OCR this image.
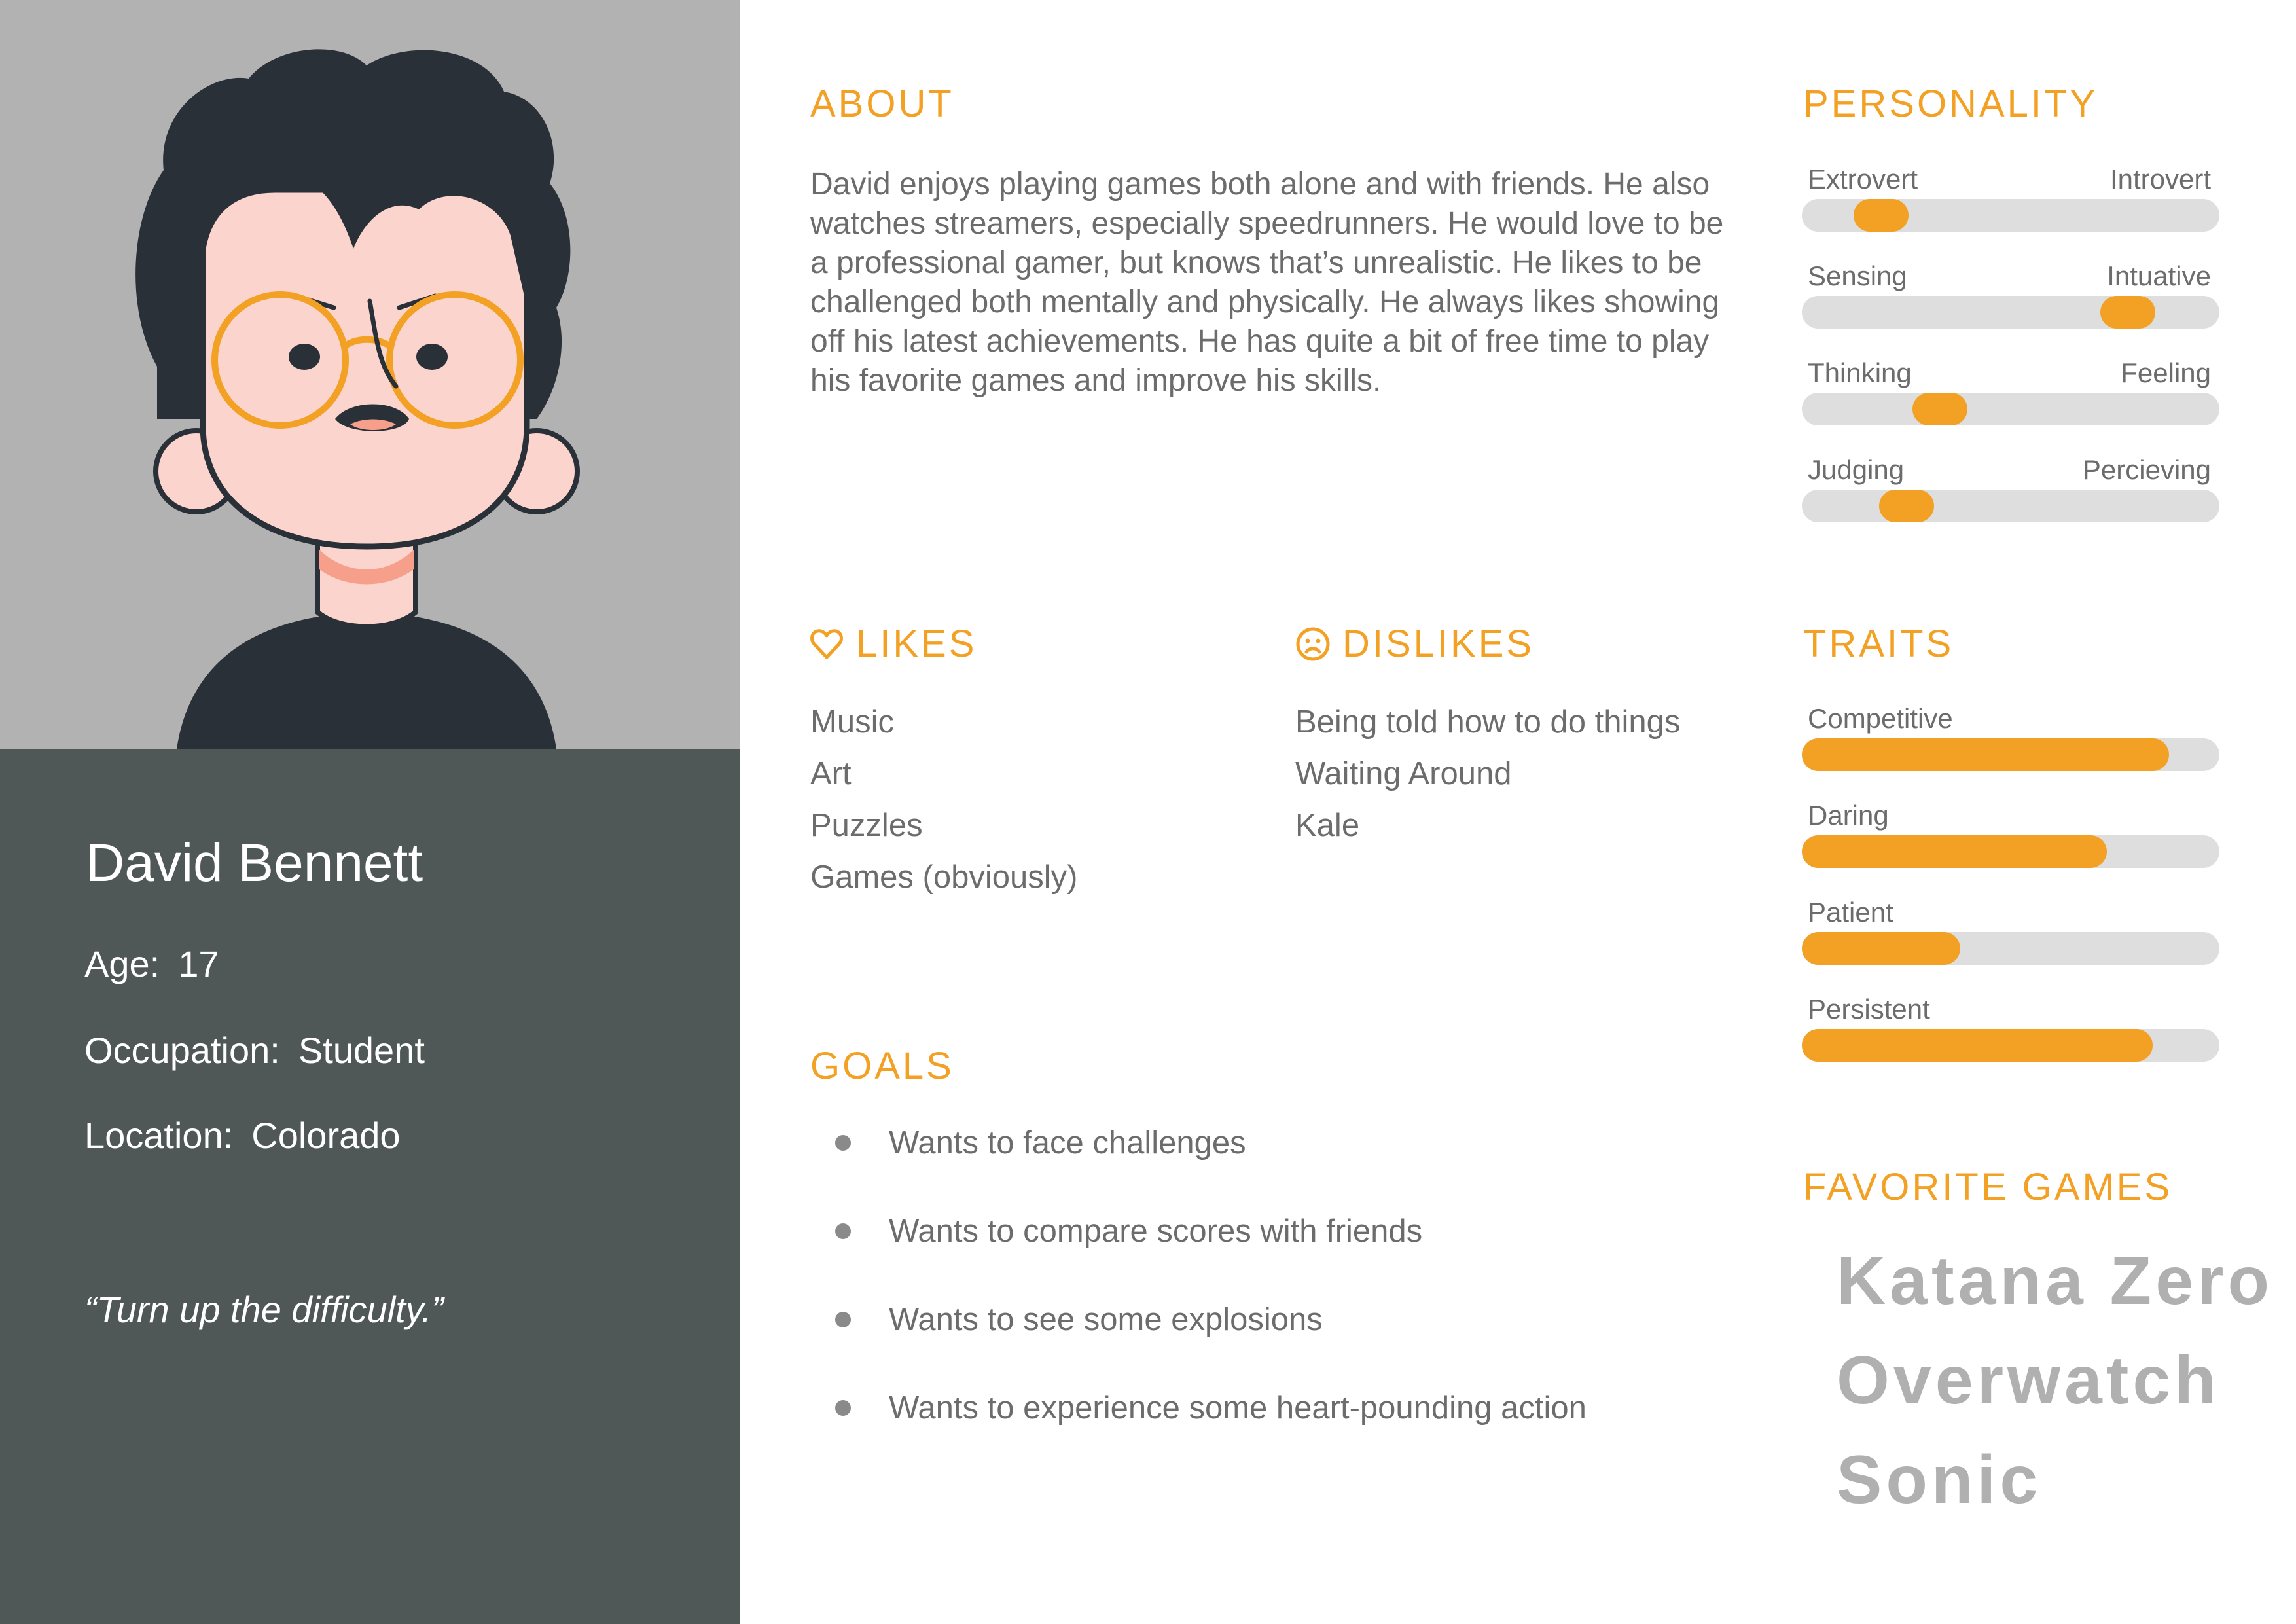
David Bennett
Age: 17
Occupation: Student
Location: Colorado
“Turn up the difficulty.”
ABOUT
David enjoys playing games both alone and with friends. He also watches streamers, especially speedrunners. He would love to be a professional gamer, but knows that’s unrealistic. He likes to be challenged both mentally and physically. He always likes showing off his latest achievements. He has quite a bit of free time to play his favorite games and improve his skills.
LIKES
Music
Art
Puzzles
Games (obviously)
DISLIKES
Being told how to do things
Waiting Around
Kale
GOALS
Wants to face challenges
Wants to compare scores with friends
Wants to see some explosions
Wants to experience some heart-pounding action
PERSONALITY
Extrovert	Introvert
Sensing	Intuative
Thinking	Feeling
Judging	Percieving
TRAITS
Competitive
Daring
Patient
Persistent
FAVORITE GAMES
Katana Zero
Overwatch
Sonic
